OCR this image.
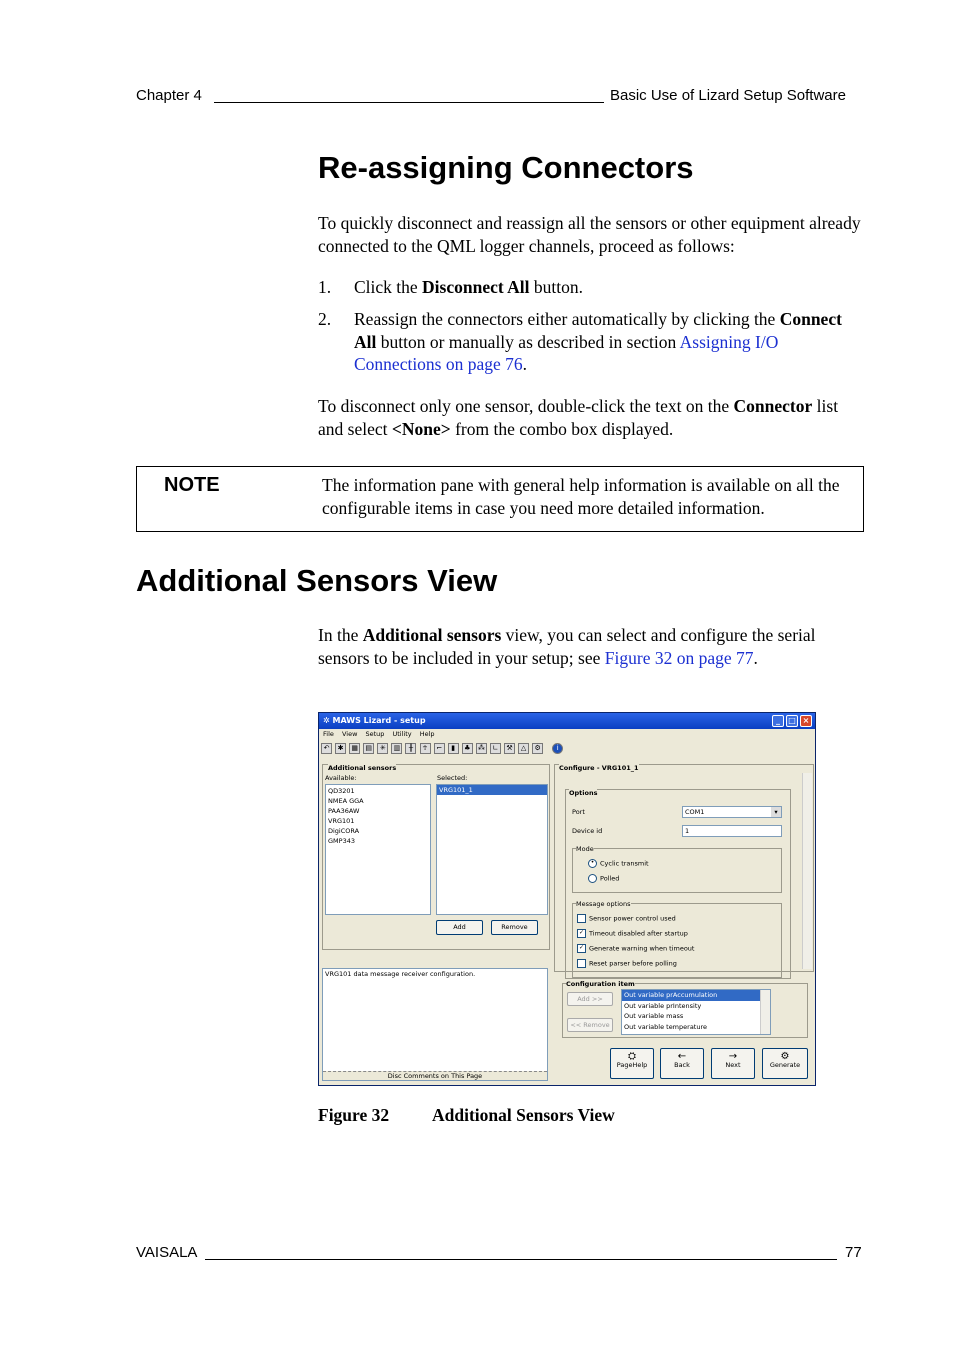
Chapter 4	Basic Use of Lizard Setup Software
Re-assigning Connectors
To quickly disconnect and reassign all the sensors or other equipment already connected to the QML logger channels, proceed as follows:
1. Click the Disconnect All button.
2. Reassign the connectors either automatically by clicking the Connect All button or manually as described in section Assigning I/O Connections on page 76.
To disconnect only one sensor, double-click the text on the Connector list and select <None> from the combo box displayed.
NOTE	The information pane with general help information is available on all the configurable items in case you need more detailed information.
Additional Sensors View
In the Additional sensors view, you can select and configure the serial sensors to be included in your setup; see Figure 32 on page 77.
✲ MAWS Lizard - setup	_	□ ×
File View Setup Utility Help
↶ ✱ ▦ ▤ ✳ ▥ ╫ ☥ ⌐ ▮ ♣ ⁂ ∟ ⚒ △ ⚙ i
Additional sensors
Available:	Selected:
QD3201
NMEA GGA
PAA36AW
VRG101
DigiCORA
GMP343
VRG101_1
Add	Remove
VRG101 data message receiver configuration.
Disc Comments on This Page
Configure - VRG101_1
Options
Port	COM1	▾
Device id	1
Mode
• Cyclic transmit
Polled
Message options
Sensor power control used
✓ Timeout disabled after startup
✓ Generate warning when timeout
Reset parser before polling
Configuration item
Add >>
<< Remove
Out variable prAccumulation
Out variable prIntensity
Out variable mass
Out variable temperature
⛭
PageHelp
←
Back
→
Next
⚙
Generate
Figure 32 Additional Sensors View
VAISALA	77
